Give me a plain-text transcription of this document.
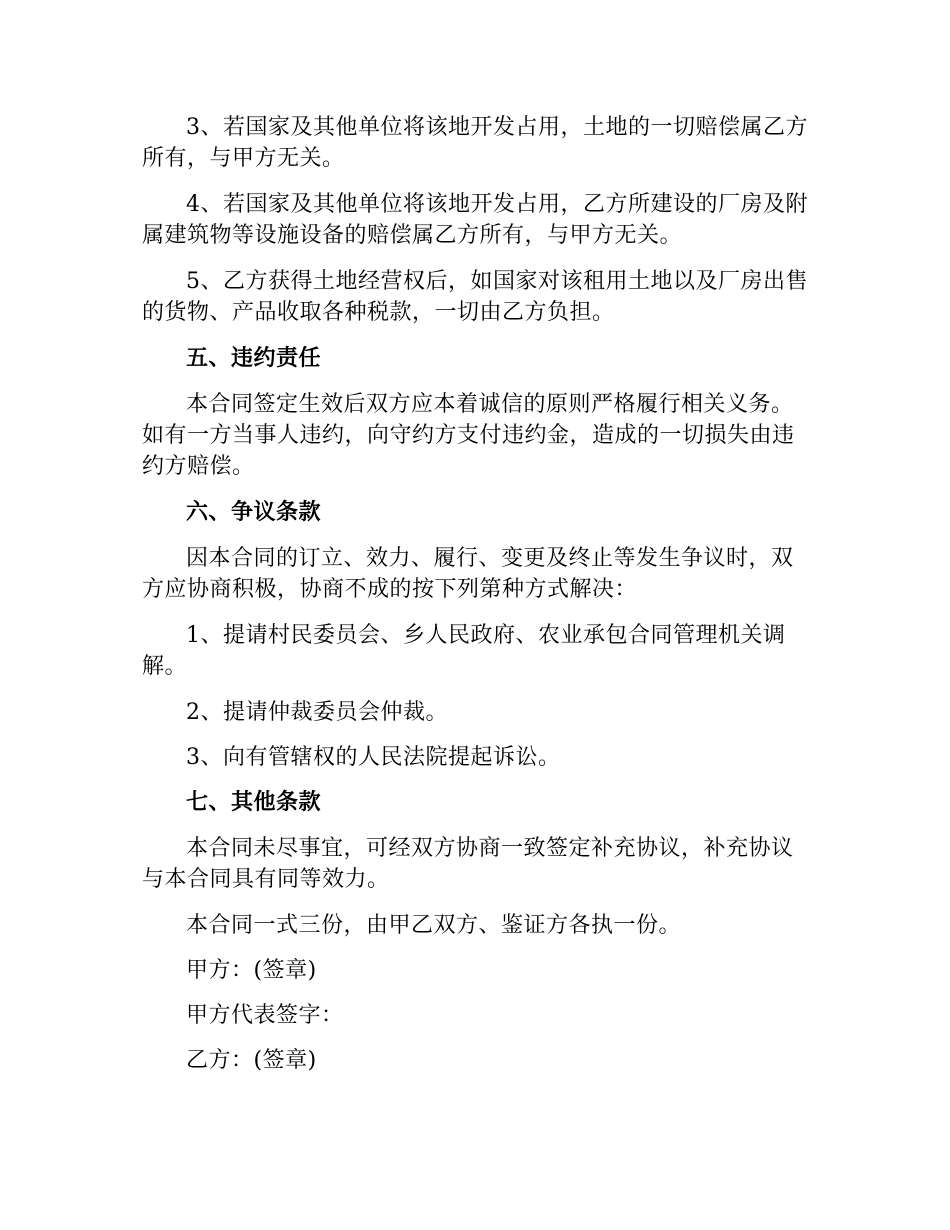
3、若国家及其他单位将该地开发占用，土地的一切赔偿属乙方所有，与甲方无关。

4、若国家及其他单位将该地开发占用，乙方所建设的厂房及附属建筑物等设施设备的赔偿属乙方所有，与甲方无关。

5、乙方获得土地经营权后，如国家对该租用土地以及厂房出售的货物、产品收取各种税款，一切由乙方负担。

五、违约责任

本合同签定生效后双方应本着诚信的原则严格履行相关义务。如有一方当事人违约，向守约方支付违约金，造成的一切损失由违约方赔偿。

六、争议条款

因本合同的订立、效力、履行、变更及终止等发生争议时，双方应协商积极，协商不成的按下列第种方式解决：

1、提请村民委员会、乡人民政府、农业承包合同管理机关调解。

2、提请仲裁委员会仲裁。

3、向有管辖权的人民法院提起诉讼。

七、其他条款

本合同未尽事宜，可经双方协商一致签定补充协议，补充协议与本合同具有同等效力。

本合同一式三份，由甲乙双方、鉴证方各执一份。

甲方：(签章)

甲方代表签字：

乙方：(签章)
